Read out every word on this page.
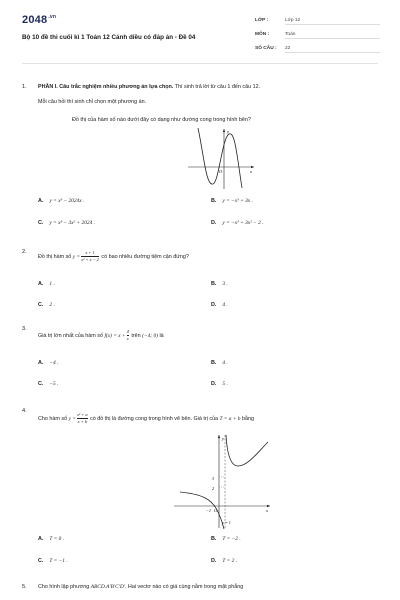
$2048^{.vn}$
Bộ 10 đề thi cuối kì 1 Toán 12 Cánh diều có đáp án - Đề 04
LỚP :	Lớp 12
MÔN :	Toán
SỐ CÂU : 22
1. PHẦN I. Câu trắc nghiệm nhiều phương án lựa chọn. Thí sinh trả lời từ câu 1 đến câu 12.
Mỗi câu hỏi thí sinh chỉ chọn một phương án.
Đồ thị của hàm số nào dưới đây có dạng như đường cong trong hình bên?
y
x
O
A. y = x³ − 2024x .	B. y = −x³ + 3x .
C. y = x³ − 3x² + 2024 .	D. y = −x³ + 3x² − 2 .
2.
Đồ thị hàm số $y = \frac{x + 1}{\text{x² + x − 2}}$ có bao nhiêu đường tiệm cận đứng?
A. 1 .	B. 3 .
C. 2 .	D. 4 .
3.
Giá trị lớn nhất của hàm số $f(x) = x + \frac{4}{x}$ trên (−4; 0) là
A. −4 .	B. 4 .
C. −5 .	D. 5 .
4.
Cho hàm số $y = \frac{\text{x² + a}}{x + b}$ có đồ thị là đường cong trong hình vẽ bên. Giá trị của T = a + b bằng
y
x
O
3
2
−1
y = 1
A. T = 0 .	B. T = −2 .
C. T = −1 .	D. T = 2 .
5. Cho hình lập phương ABCD.A′B′C′D′. Hai vectơ nào có giá cùng nằm trong mặt phẳng
